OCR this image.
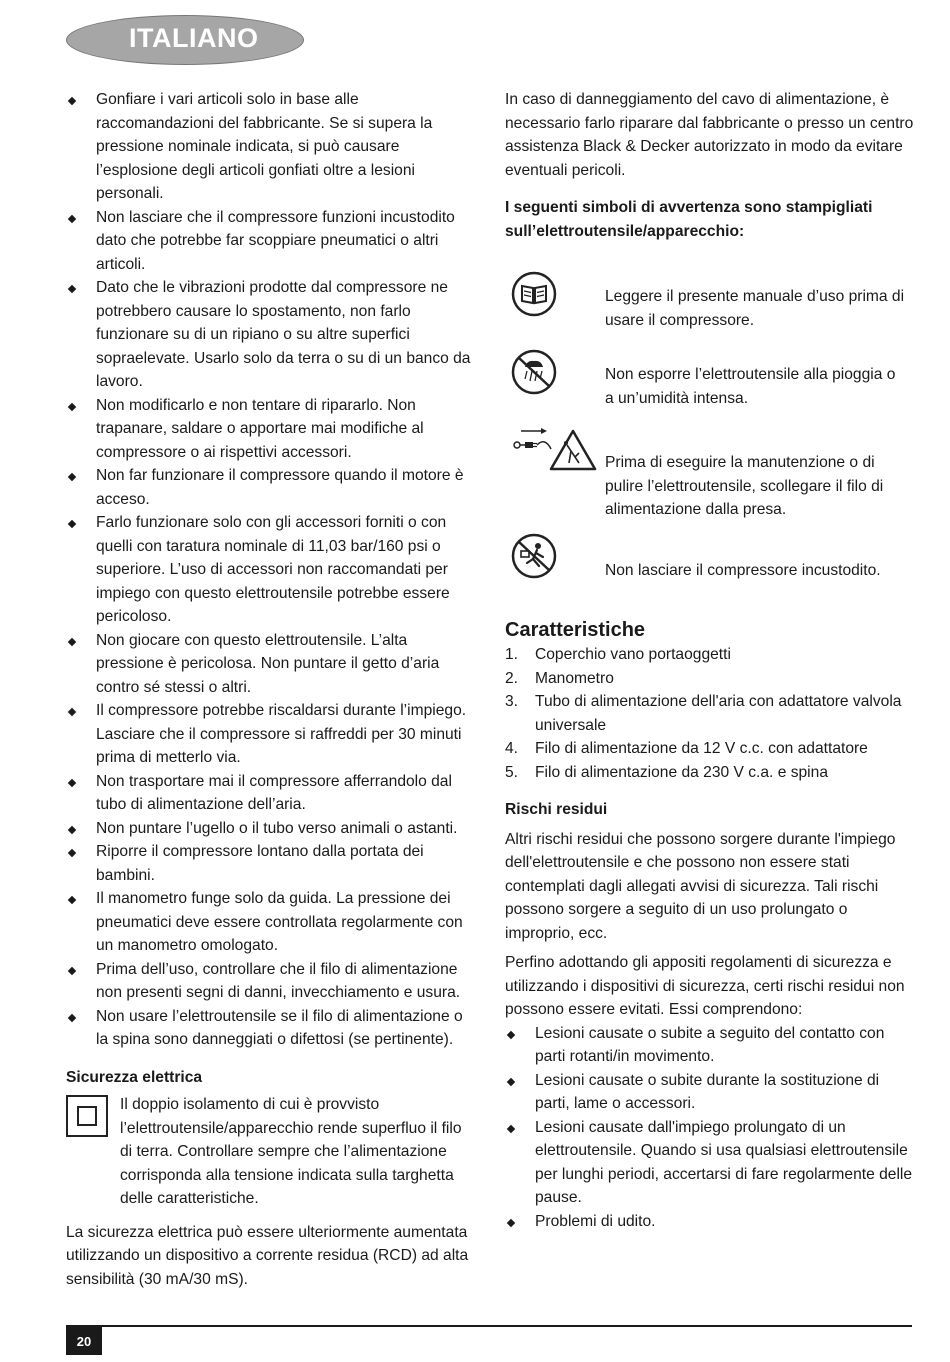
ITALIANO
Gonfiare i vari articoli solo in base alle raccomandazioni del fabbricante. Se si supera la pressione nominale indicata, si può causare l’esplosione degli articoli gonfiati oltre a lesioni personali.
Non lasciare che il compressore funzioni incustodito dato che potrebbe far scoppiare pneumatici o altri articoli.
Dato che le vibrazioni prodotte dal compressore ne potrebbero causare lo spostamento, non farlo funzionare su di un ripiano o su altre superfici sopraelevate. Usarlo solo da terra o su di un banco da lavoro.
Non modificarlo e non tentare di ripararlo. Non trapanare, saldare o apportare mai modifiche al compressore o ai rispettivi accessori.
Non far funzionare il compressore quando il motore è acceso.
Farlo funzionare solo con gli accessori forniti o con quelli con taratura nominale di 11,03 bar/160 psi o superiore. L’uso di accessori non raccomandati per impiego con questo elettroutensile potrebbe essere pericoloso.
Non giocare con questo elettroutensile. L’alta pressione è pericolosa. Non puntare il getto d’aria contro sé stessi o altri.
Il compressore potrebbe riscaldarsi durante l’impiego. Lasciare che il compressore si raffreddi per 30 minuti prima di metterlo via.
Non trasportare mai il compressore afferrandolo dal tubo di alimentazione dell’aria.
Non puntare l’ugello o il tubo verso animali o astanti.
Riporre il compressore lontano dalla portata dei bambini.
Il manometro funge solo da guida. La pressione dei pneumatici deve essere controllata regolarmente con un manometro omologato.
Prima dell’uso, controllare che il filo di alimentazione non presenti segni di danni, invecchiamento e usura.
Non usare l’elettroutensile se il filo di alimentazione o la spina sono danneggiati o difettosi (se pertinente).

Sicurezza elettrica

Il doppio isolamento di cui è provvisto l’elettroutensile/apparecchio rende superfluo il filo di terra. Controllare sempre che l’alimentazione corrisponda alla tensione indicata sulla targhetta delle caratteristiche.

La sicurezza elettrica può essere ulteriormente aumentata utilizzando un dispositivo a corrente residua (RCD) ad alta sensibilità (30 mA/30 mS).

In caso di danneggiamento del cavo di alimentazione, è necessario farlo riparare dal fabbricante o presso un centro assistenza Black & Decker autorizzato in modo da evitare eventuali pericoli.

I seguenti simboli di avvertenza sono stampigliati sull’elettroutensile/apparecchio:

Leggere il presente manuale d’uso prima di usare il compressore.

Non esporre l’elettroutensile alla pioggia o a un’umidità intensa.

Prima di eseguire la manutenzione o di pulire l’elettroutensile, scollegare il filo di alimentazione dalla presa.

Non lasciare il compressore incustodito.

Caratteristiche

1. Coperchio vano portaoggetti
2. Manometro
3. Tubo di alimentazione dell'aria con adattatore valvola universale
4. Filo di alimentazione da 12 V c.c. con adattatore
5. Filo di alimentazione da 230 V c.a. e spina

Rischi residui

Altri rischi residui che possono sorgere durante l'impiego dell'elettroutensile e che possono non essere stati contemplati dagli allegati avvisi di sicurezza. Tali rischi possono sorgere a seguito di un uso prolungato o improprio, ecc.

Perfino adottando gli appositi regolamenti di sicurezza e utilizzando i dispositivi di sicurezza, certi rischi residui non possono essere evitati. Essi comprendono:

Lesioni causate o subite a seguito del contatto con parti rotanti/in movimento.
Lesioni causate o subite durante la sostituzione di parti, lame o accessori.
Lesioni causate dall'impiego prolungato di un elettroutensile. Quando si usa qualsiasi elettroutensile per lunghi periodi, accertarsi di fare regolarmente delle pause.
Problemi di udito.
20
